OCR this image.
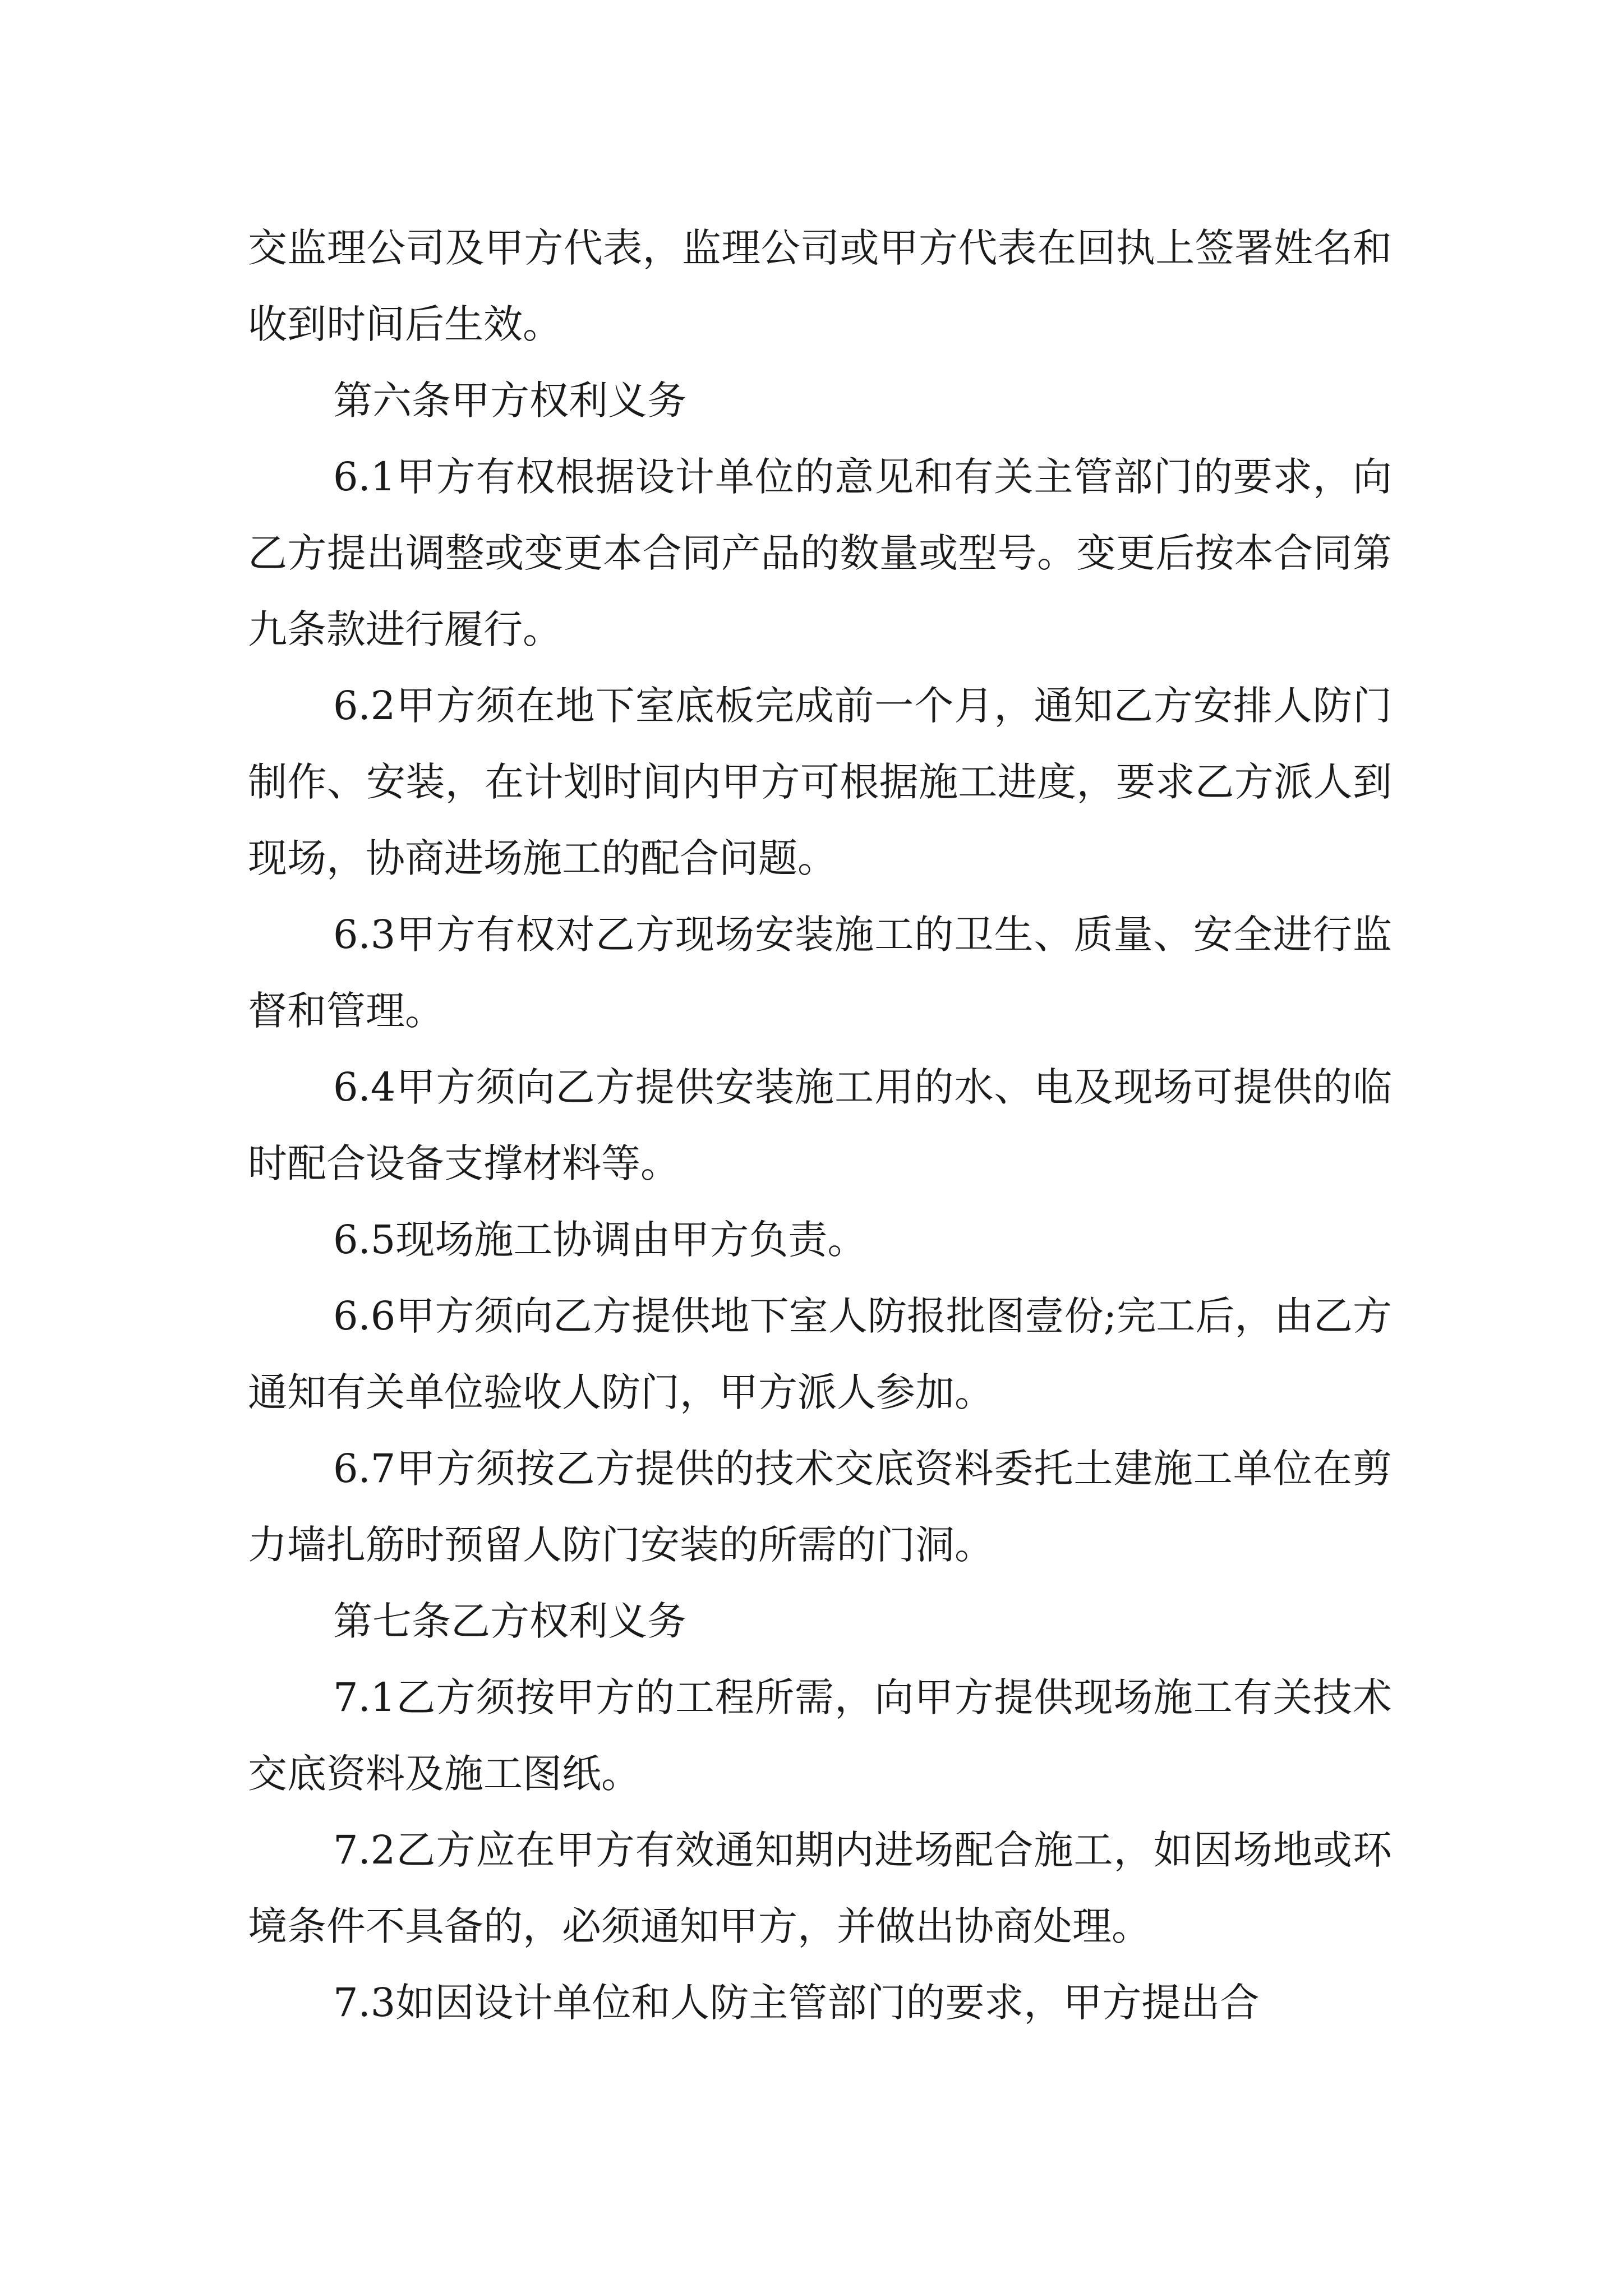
交监理公司及甲方代表，监理公司或甲方代表在回执上签署姓名和收到时间后生效。

第六条甲方权利义务

6.1甲方有权根据设计单位的意见和有关主管部门的要求，向乙方提出调整或变更本合同产品的数量或型号。变更后按本合同第九条款进行履行。

6.2甲方须在地下室底板完成前一个月，通知乙方安排人防门制作、安装，在计划时间内甲方可根据施工进度，要求乙方派人到现场，协商进场施工的配合问题。

6.3甲方有权对乙方现场安装施工的卫生、质量、安全进行监督和管理。

6.4甲方须向乙方提供安装施工用的水、电及现场可提供的临时配合设备支撑材料等。

6.5现场施工协调由甲方负责。

6.6甲方须向乙方提供地下室人防报批图壹份;完工后，由乙方通知有关单位验收人防门，甲方派人参加。

6.7甲方须按乙方提供的技术交底资料委托土建施工单位在剪力墙扎筋时预留人防门安装的所需的门洞。

第七条乙方权利义务

7.1乙方须按甲方的工程所需，向甲方提供现场施工有关技术交底资料及施工图纸。

7.2乙方应在甲方有效通知期内进场配合施工，如因场地或环境条件不具备的，必须通知甲方，并做出协商处理。

7.3如因设计单位和人防主管部门的要求，甲方提出合
